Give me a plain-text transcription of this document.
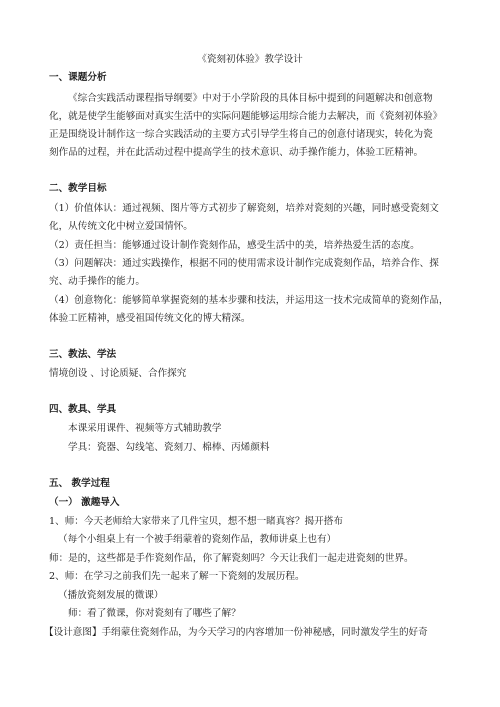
《瓷刻初体验》教学设计
一、课题分析
《综合实践活动课程指导纲要》中对于小学阶段的具体目标中提到的问题解决和创意物
化，就是使学生能够面对真实生活中的实际问题能够运用综合能力去解决，而《瓷刻初体验》
正是围绕设计制作这一综合实践活动的主要方式引导学生将自己的创意付诸现实，转化为瓷
刻作品的过程，并在此活动过程中提高学生的技术意识、动手操作能力，体验工匠精神。
二、教学目标
（1）价值体认：通过视频、图片等方式初步了解瓷刻，培养对瓷刻的兴趣，同时感受瓷刻文
化，从传统文化中树立爱国情怀。
（2）责任担当：能够通过设计制作瓷刻作品，感受生活中的美，培养热爱生活的态度。
（3）问题解决：通过实践操作，根据不同的使用需求设计制作完成瓷刻作品，培养合作、探
究、动手操作的能力。
（4）创意物化：能够简单掌握瓷刻的基本步骤和技法，并运用这一技术完成简单的瓷刻作品，
体验工匠精神，感受祖国传统文化的博大精深。
三、教法、学法
情境创设 、讨论质疑、合作探究
四、教具、学具
本课采用课件、视频等方式辅助教学
学具：瓷器、勾线笔、瓷刻刀、棉棒、丙烯颜料
五、 教学过程
（一） 激趣导入
1、师：今天老师给大家带来了几件宝贝，想不想一睹真容？揭开搭布
（每个小组桌上有一个被手绢蒙着的瓷刻作品，教师讲桌上也有）
师：是的，这些都是手作瓷刻作品，你了解瓷刻吗？今天让我们一起走进瓷刻的世界。
2、师：在学习之前我们先一起来了解一下瓷刻的发展历程。
（播放瓷刻发展的微课）
师：看了微课，你对瓷刻有了哪些了解？
【设计意图】手绢蒙住瓷刻作品，为今天学习的内容增加一份神秘感，同时激发学生的好奇
